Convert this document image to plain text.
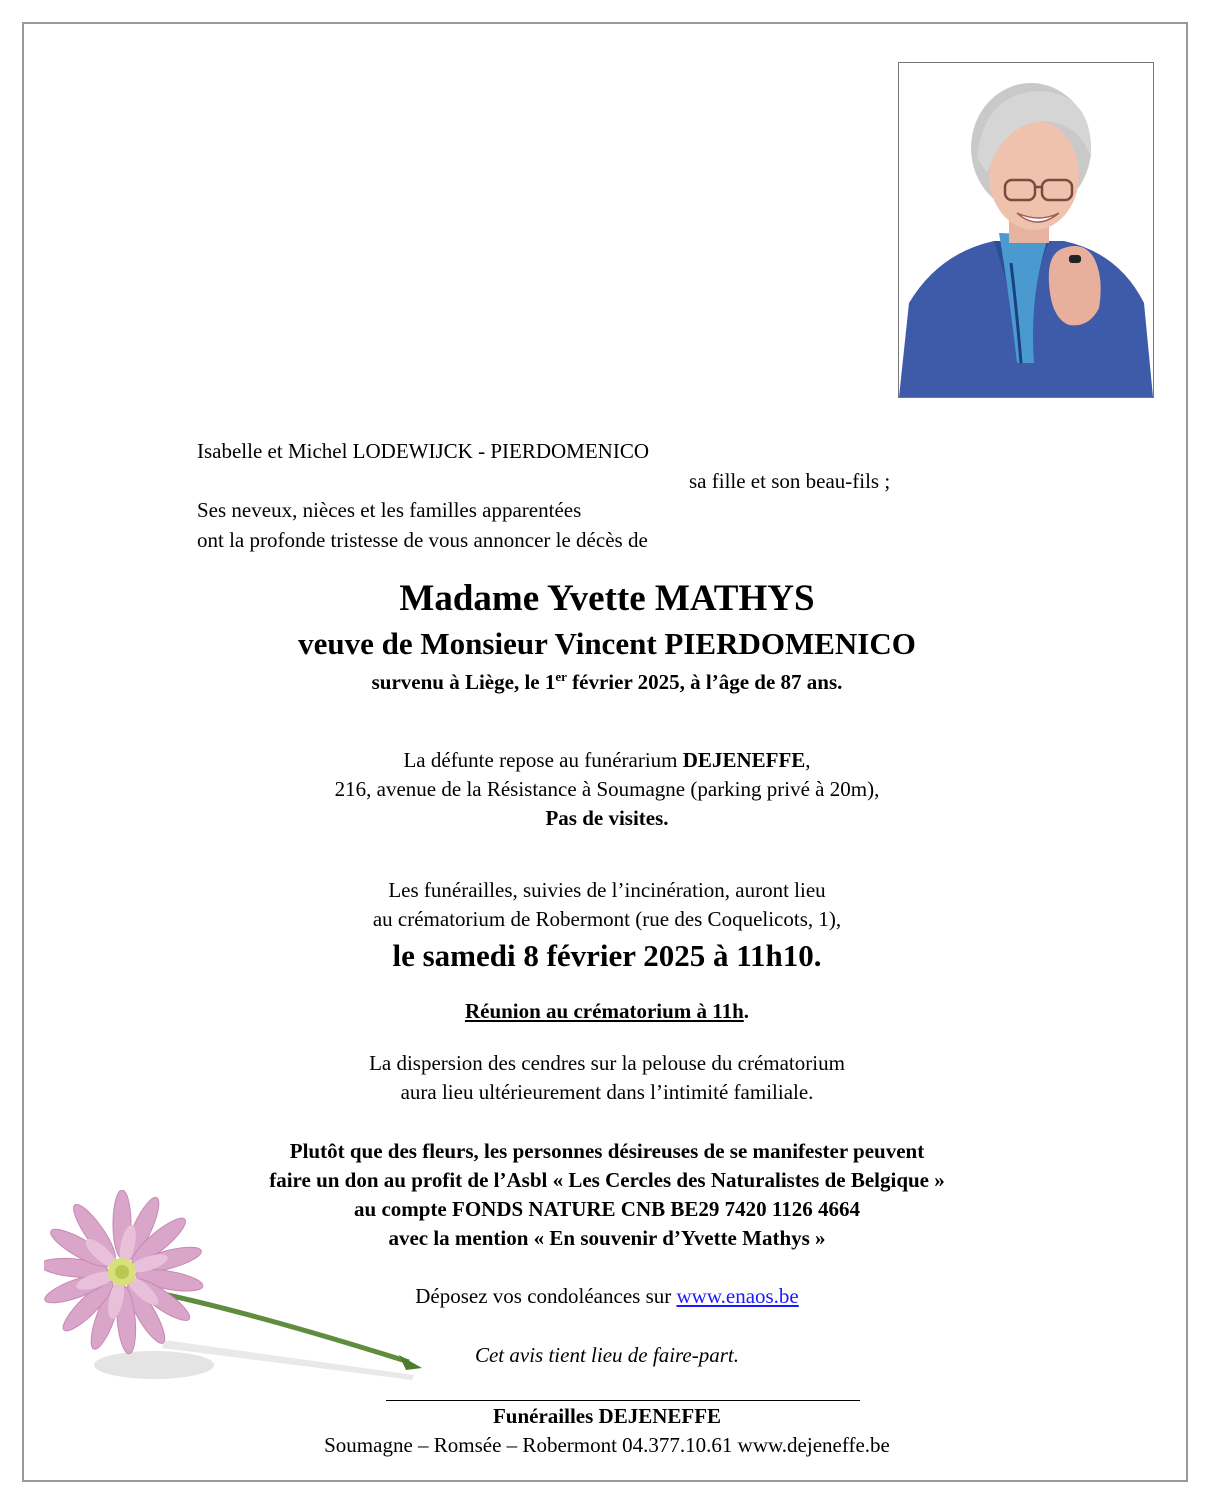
Isabelle et Michel LODEWIJCK - PIERDOMENICO
sa fille et son beau-fils ;
Ses neveux, nièces et les familles apparentées
ont la profonde tristesse de vous annoncer le décès de
Madame Yvette MATHYS
veuve de Monsieur Vincent PIERDOMENICO
survenu à Liège, le 1er février 2025, à l’âge de 87 ans.
La défunte repose au funérarium DEJENEFFE,
216, avenue de la Résistance à Soumagne (parking privé à 20m),
Pas de visites.
Les funérailles, suivies de l’incinération, auront lieu
au crématorium de Robermont (rue des Coquelicots, 1),
le samedi 8 février 2025 à 11h10.
Réunion au crématorium à 11h.
La dispersion des cendres sur la pelouse du crématorium
aura lieu ultérieurement dans l’intimité familiale.
Plutôt que des fleurs, les personnes désireuses de se manifester peuvent
faire un don au profit de l’Asbl « Les Cercles des Naturalistes de Belgique »
au compte FONDS NATURE CNB BE29 7420 1126 4664
avec la mention « En souvenir d’Yvette Mathys »
Déposez vos condoléances sur www.enaos.be
Cet avis tient lieu de faire-part.
Funérailles DEJENEFFE
Soumagne – Romsée – Robermont 04.377.10.61 www.dejeneffe.be
